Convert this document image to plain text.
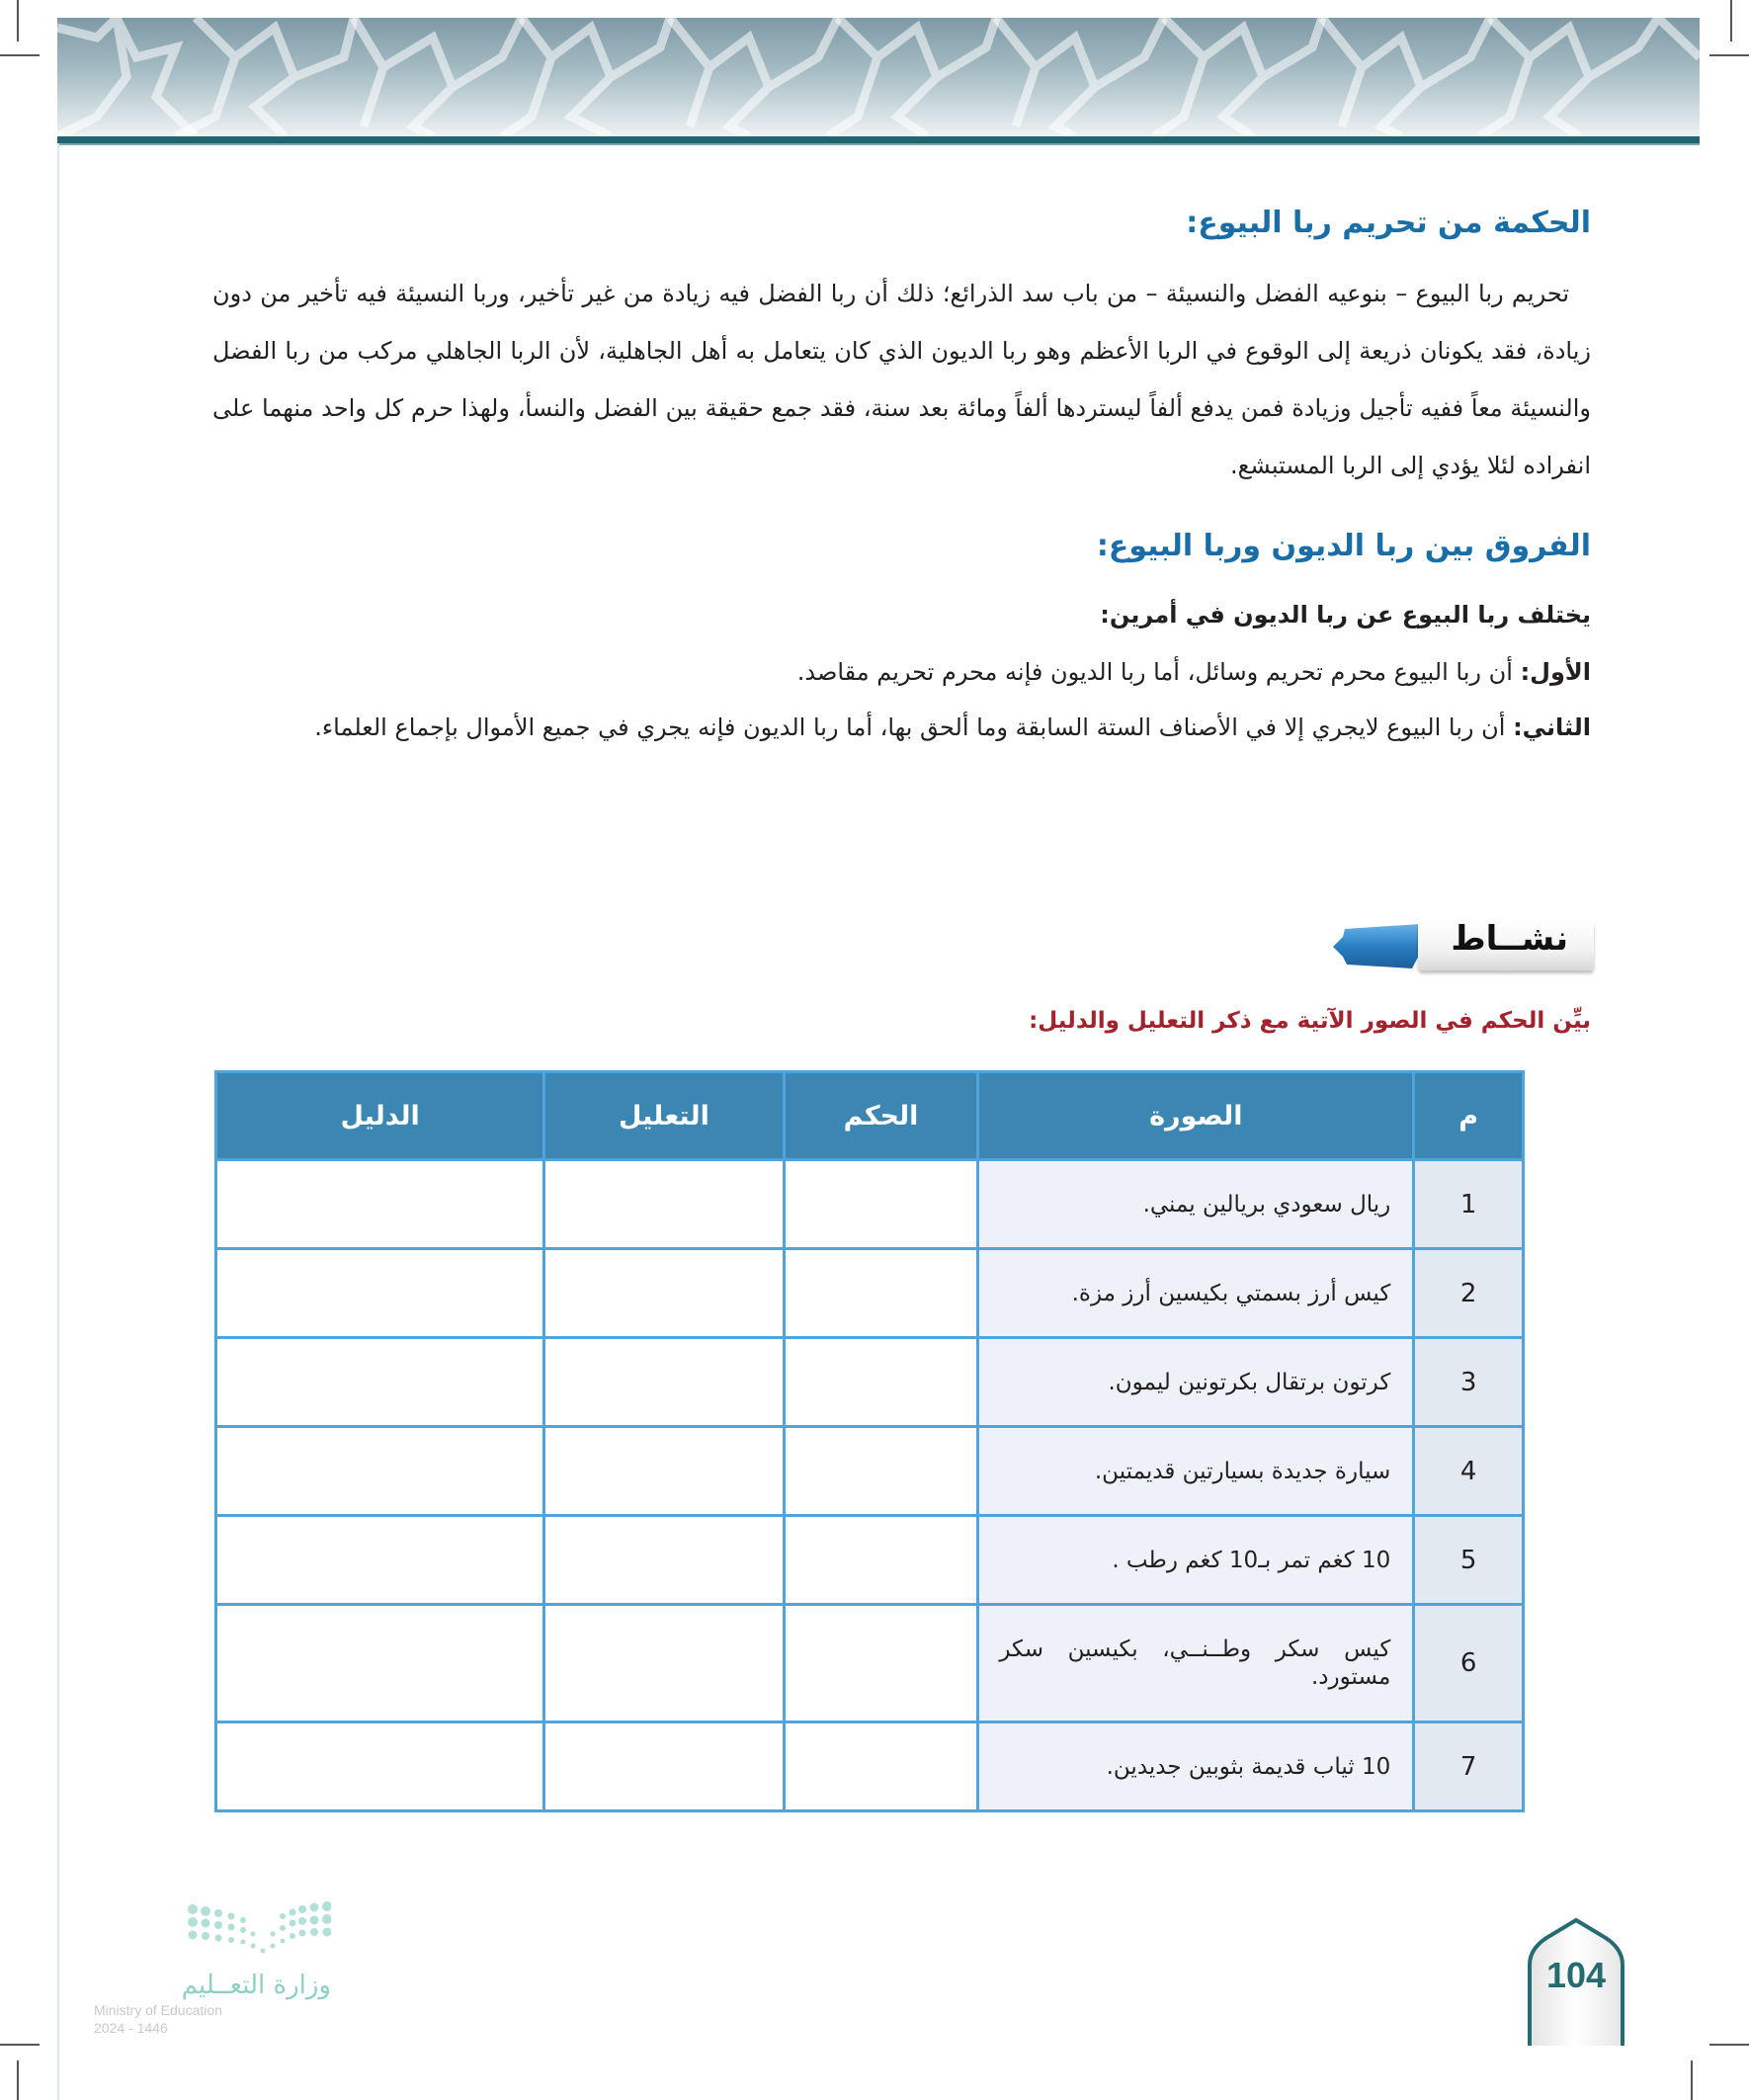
الحكمة من تحريم ربا البيوع:
تحريم ربا البيوع – بنوعيه الفضل والنسيئة – من باب سد الذرائع؛ ذلك أن ربا الفضل فيه زيادة من غير تأخير، وربا النسيئة فيه تأخير من دون زيادة، فقد يكونان ذريعة إلى الوقوع في الربا الأعظم وهو ربا الديون الذي كان يتعامل به أهل الجاهلية، لأن الربا الجاهلي مركب من ربا الفضل والنسيئة معاً ففيه تأجيل وزيادة فمن يدفع ألفاً ليستردها ألفاً ومائة بعد سنة، فقد جمع حقيقة بين الفضل والنسأ، ولهذا حرم كل واحد منهما على انفراده لئلا يؤدي إلى الربا المستبشع.
الفروق بين ربا الديون وربا البيوع:
يختلف ربا البيوع عن ربا الديون في أمرين:
الأول: أن ربا البيوع محرم تحريم وسائل، أما ربا الديون فإنه محرم تحريم مقاصد.
الثاني: أن ربا البيوع لايجري إلا في الأصناف الستة السابقة وما ألحق بها، أما ربا الديون فإنه يجري في جميع الأموال بإجماع العلماء.
نشــاط
بيِّن الحكم في الصور الآتية مع ذكر التعليل والدليل:
م	الصورة	الحكم	التعليل	الدليل
1	ريال سعودي بريالين يمني.			
2	كيس أرز بسمتي بكيسين أرز مزة.			
3	كرتون برتقال بكرتونين ليمون.			
4	سيارة جديدة بسيارتين قديمتين.			
5	10 كغم تمر بـ10 كغم رطب .			
6	كيس سكر وطــنــي، بكيسين سكر مستورد.			
7	10 ثياب قديمة بثوبين جديدين.			
وزارة التعــليم
Ministry of Education
2024 - 1446
104
